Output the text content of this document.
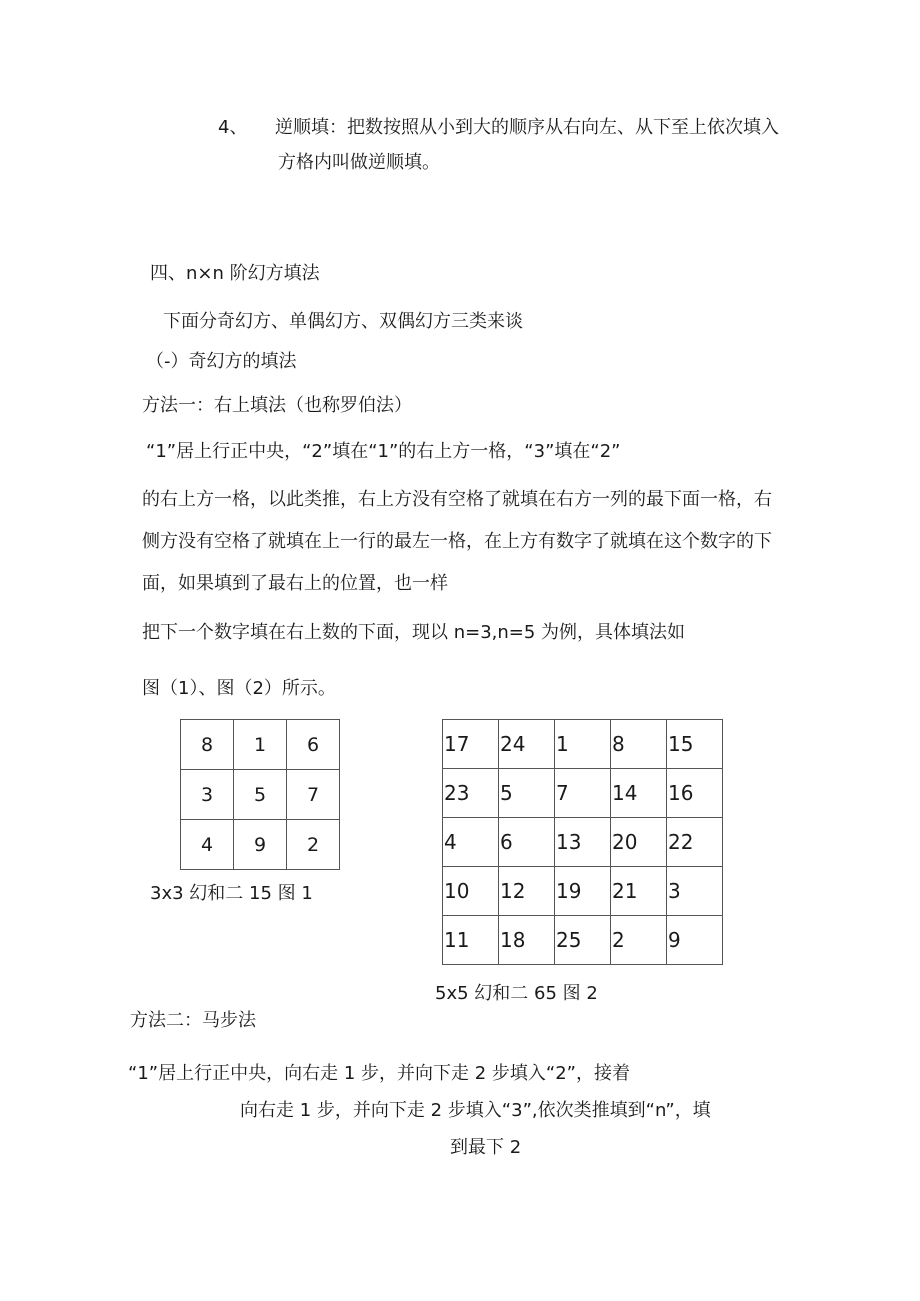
4、 逆顺填：把数按照从小到大的顺序从右向左、从下至上依次填入
方格内叫做逆顺填。
四、n×n 阶幻方填法
下面分奇幻方、单偶幻方、双偶幻方三类来谈
（-）奇幻方的填法
方法一：右上填法（也称罗伯法）
“1”居上行正中央，“2”填在“1”的右上方一格，“3”填在“2”
的右上方一格，以此类推，右上方没有空格了就填在右方一列的最下面一格，右
侧方没有空格了就填在上一行的最左一格，在上方有数字了就填在这个数字的下
面，如果填到了最右上的位置，也一样
把下一个数字填在右上数的下面，现以 n=3,n=5 为例，具体填法如
图（1）、图（2）所示。
8	1	6
3	5	7
4	9	2
3x3 幻和二 15 图 1
17	24	1	8	15
23	5	7	14	16
4	6	13	20	22
10	12	19	21	3
11	18	25	2	9
5x5 幻和二 65 图 2
方法二：马步法
“1”居上行正中央，向右走 1 步，并向下走 2 步填入“2”，接着
向右走 1 步，并向下走 2 步填入“3”,依次类推填到“n”，填
到最下 2
